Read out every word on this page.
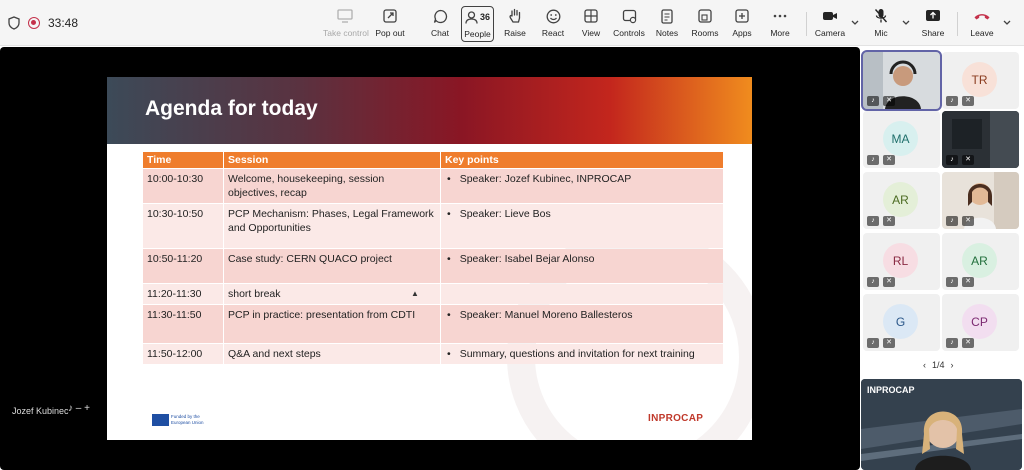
33:48
Take control Pop out	Chat
36
People	Raise	React	View	Controls	Notes	Rooms	Apps	More	Camera	Mic	Share	Leave
Agenda for today
Time	Session	Key points
10:00-10:30	Welcome, housekeeping, session objectives, recap	• Speaker: Jozef Kubinec, INPROCAP
10:30-10:50	PCP Mechanism: Phases, Legal Framework and Opportunities	• Speaker: Lieve Bos
10:50-11:20	Case study: CERN QUACO project	• Speaker: Isabel Bejar Alonso
11:20-11:30	short break	
11:30-11:50	PCP in practice: presentation from CDTI	• Speaker: Manuel Moreno Ballesteros
11:50-12:00	Q&A and next steps	• Summary, questions and invitation for next training
▲
Funded by the European Union	INPROCAP
Jozef Kubinec ♪ – +
♪	✕
TR
♪	✕
MA
♪	✕	♪	✕
AR
♪	✕	♪	✕
RL
♪	✕
AR
♪	✕
G
♪	✕
CP
♪	✕
‹ 1/4 ›
INPROCAP
